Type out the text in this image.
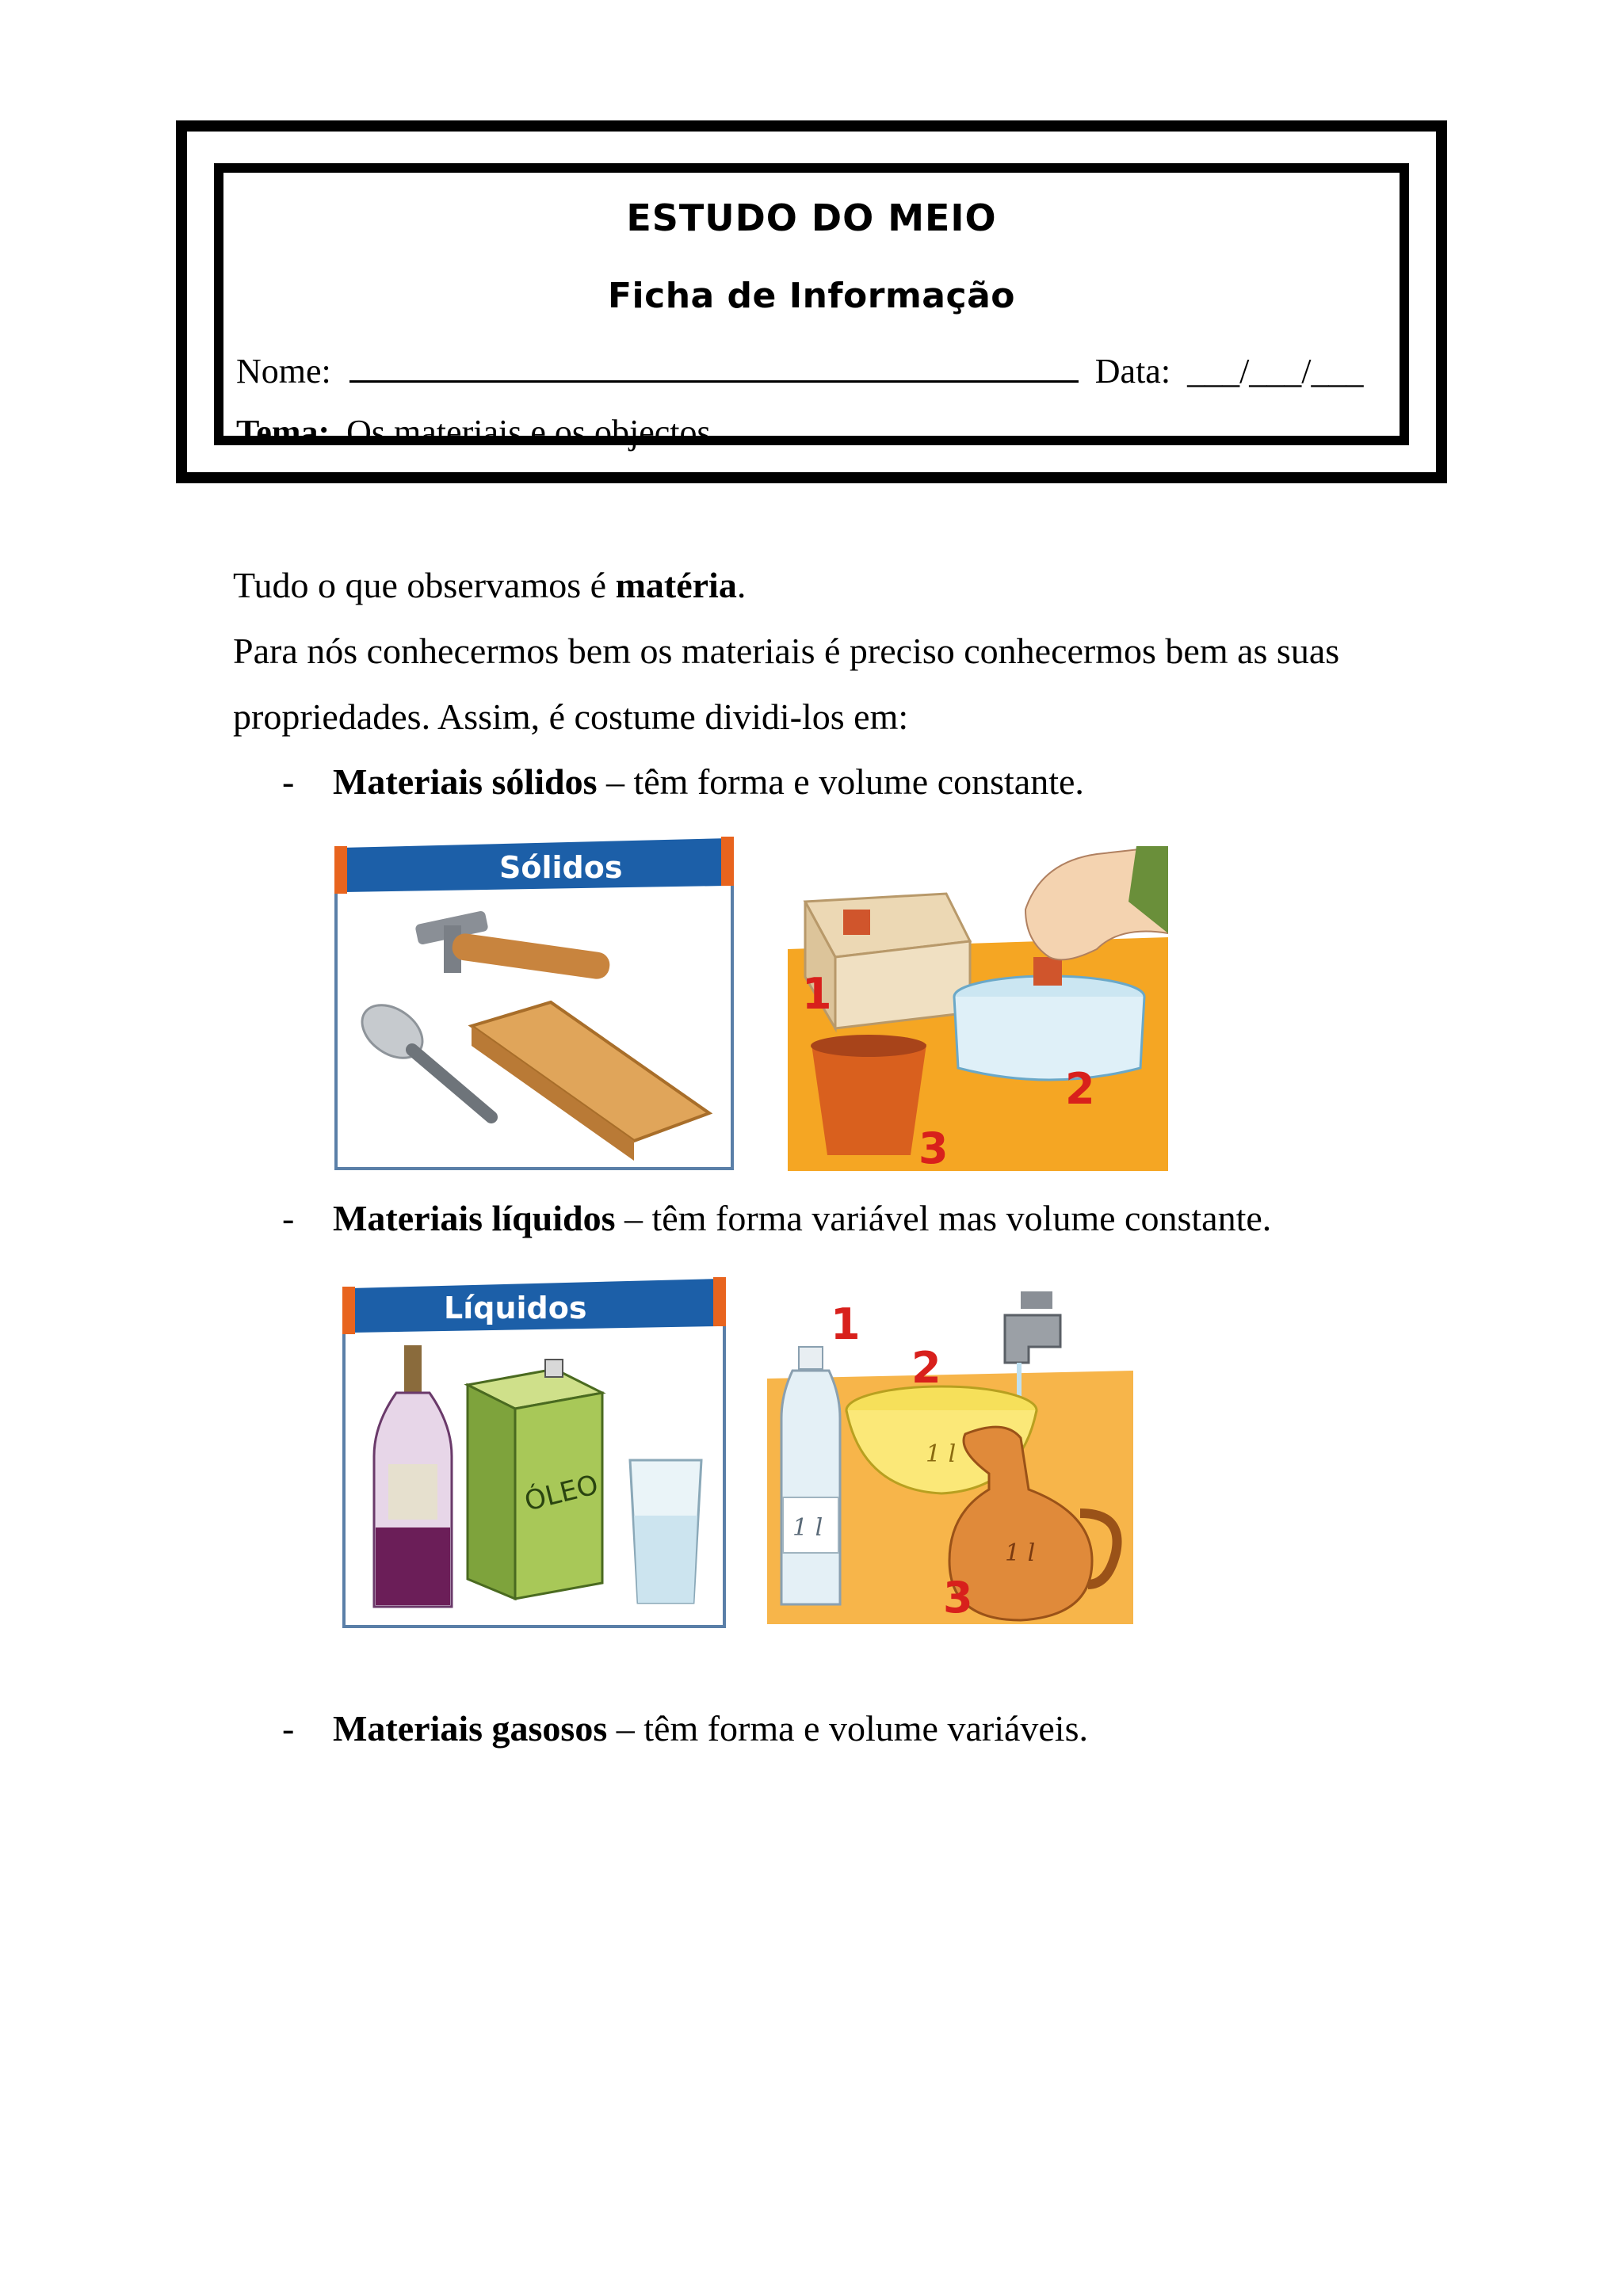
ESTUDO DO MEIO
Ficha de Informação
Nome:	Data: ___/___/___
Tema: Os materiais e os objectos.
Tudo o que observamos é matéria.
Para nós conhecermos bem os materiais é preciso conhecermos bem as suas
propriedades. Assim, é costume dividi-los em:
- Materiais sólidos – têm forma e volume constante.
Sólidos
1
2
3
- Materiais líquidos – têm forma variável mas volume constante.
Líquidos
ÓLEO
1 l
1 l
1 l
1
2
3
- Materiais gasosos – têm forma e volume variáveis.
